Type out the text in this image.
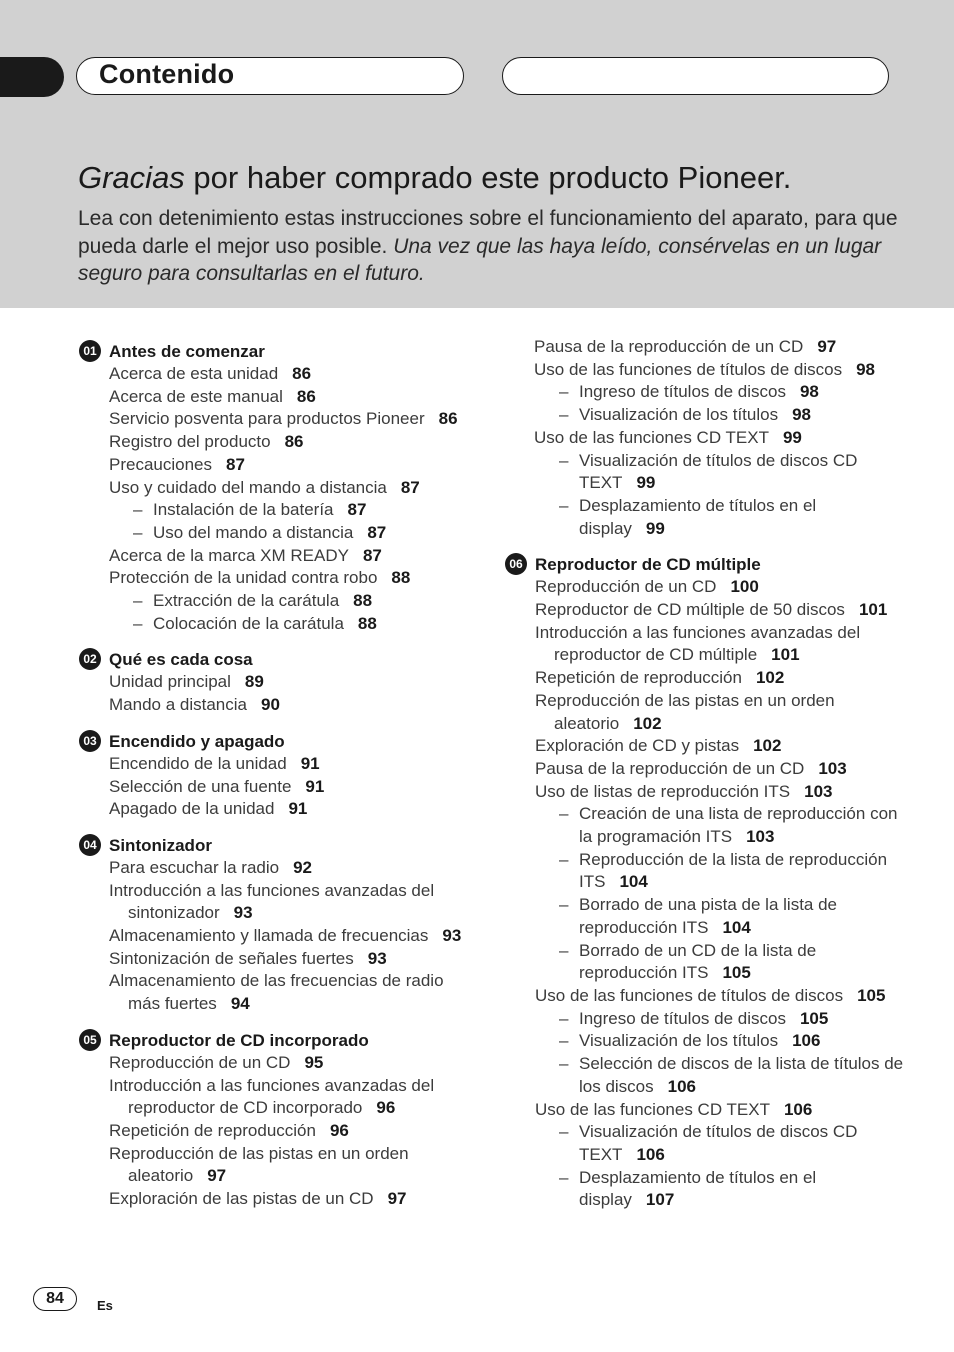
Contenido
Gracias por haber comprado este producto Pioneer.
Lea con detenimiento estas instrucciones sobre el funcionamiento del aparato, para que pueda darle el mejor uso posible. Una vez que las haya leído, consérvelas en un lugar seguro para consultarlas en el futuro.
01 Antes de comenzar
Acerca de esta unidad 86
Acerca de este manual 86
Servicio posventa para productos Pioneer 86
Registro del producto 86
Precauciones 87
Uso y cuidado del mando a distancia 87
– Instalación de la batería 87
– Uso del mando a distancia 87
Acerca de la marca XM READY 87
Protección de la unidad contra robo 88
– Extracción de la carátula 88
– Colocación de la carátula 88
02 Qué es cada cosa
Unidad principal 89
Mando a distancia 90
03 Encendido y apagado
Encendido de la unidad 91
Selección de una fuente 91
Apagado de la unidad 91
04 Sintonizador
Para escuchar la radio 92
Introducción a las funciones avanzadas del sintonizador 93
Almacenamiento y llamada de frecuencias 93
Sintonización de señales fuertes 93
Almacenamiento de las frecuencias de radio más fuertes 94
05 Reproductor de CD incorporado
Reproducción de un CD 95
Introducción a las funciones avanzadas del reproductor de CD incorporado 96
Repetición de reproducción 96
Reproducción de las pistas en un orden aleatorio 97
Exploración de las pistas de un CD 97
Pausa de la reproducción de un CD 97
Uso de las funciones de títulos de discos 98
– Ingreso de títulos de discos 98
– Visualización de los títulos 98
Uso de las funciones CD TEXT 99
– Visualización de títulos de discos CD TEXT 99
– Desplazamiento de títulos en el display 99
06 Reproductor de CD múltiple
Reproducción de un CD 100
Reproductor de CD múltiple de 50 discos 101
Introducción a las funciones avanzadas del reproductor de CD múltiple 101
Repetición de reproducción 102
Reproducción de las pistas en un orden aleatorio 102
Exploración de CD y pistas 102
Pausa de la reproducción de un CD 103
Uso de listas de reproducción ITS 103
– Creación de una lista de reproducción con la programación ITS 103
– Reproducción de la lista de reproducción ITS 104
– Borrado de una pista de la lista de reproducción ITS 104
– Borrado de un CD de la lista de reproducción ITS 105
Uso de las funciones de títulos de discos 105
– Ingreso de títulos de discos 105
– Visualización de los títulos 106
– Selección de discos de la lista de títulos de los discos 106
Uso de las funciones CD TEXT 106
– Visualización de títulos de discos CD TEXT 106
– Desplazamiento de títulos en el display 107
84	Es
